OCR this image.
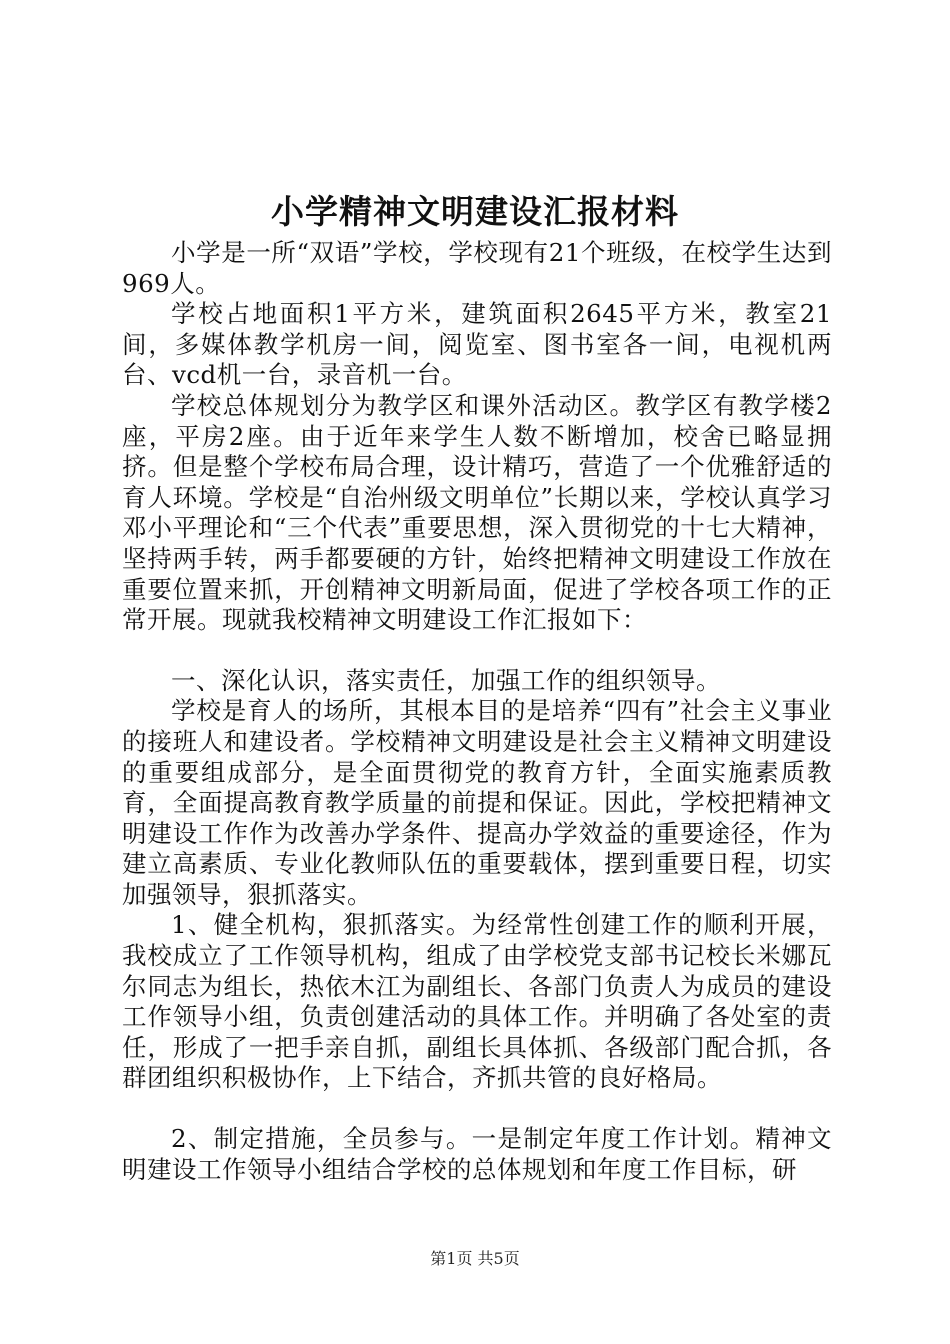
小学精神文明建设汇报材料

小学是一所“双语”学校，学校现有21个班级，在校学生达到969人。

学校占地面积1平方米，建筑面积2645平方米，教室21间，多媒体教学机房一间，阅览室、图书室各一间，电视机两台、vcd机一台，录音机一台。

学校总体规划分为教学区和课外活动区。教学区有教学楼2座，平房2座。由于近年来学生人数不断增加，校舍已略显拥挤。但是整个学校布局合理，设计精巧，营造了一个优雅舒适的育人环境。学校是“自治州级文明单位”长期以来，学校认真学习邓小平理论和“三个代表”重要思想，深入贯彻党的十七大精神，坚持两手转，两手都要硬的方针，始终把精神文明建设工作放在重要位置来抓，开创精神文明新局面，促进了学校各项工作的正常开展。现就我校精神文明建设工作汇报如下：

一、深化认识，落实责任，加强工作的组织领导。

学校是育人的场所，其根本目的是培养“四有”社会主义事业的接班人和建设者。学校精神文明建设是社会主义精神文明建设的重要组成部分，是全面贯彻党的教育方针，全面实施素质教育，全面提高教育教学质量的前提和保证。因此，学校把精神文明建设工作作为改善办学条件、提高办学效益的重要途径，作为建立高素质、专业化教师队伍的重要载体，摆到重要日程，切实加强领导，狠抓落实。

1、健全机构，狠抓落实。为经常性创建工作的顺利开展，我校成立了工作领导机构，组成了由学校党支部书记校长米娜瓦尔同志为组长，热依木江为副组长、各部门负责人为成员的建设工作领导小组，负责创建活动的具体工作。并明确了各处室的责任，形成了一把手亲自抓，副组长具体抓、各级部门配合抓，各群团组织积极协作，上下结合，齐抓共管的良好格局。

2、制定措施，全员参与。一是制定年度工作计划。精神文明建设工作领导小组结合学校的总体规划和年度工作目标，研

第1页 共5页
